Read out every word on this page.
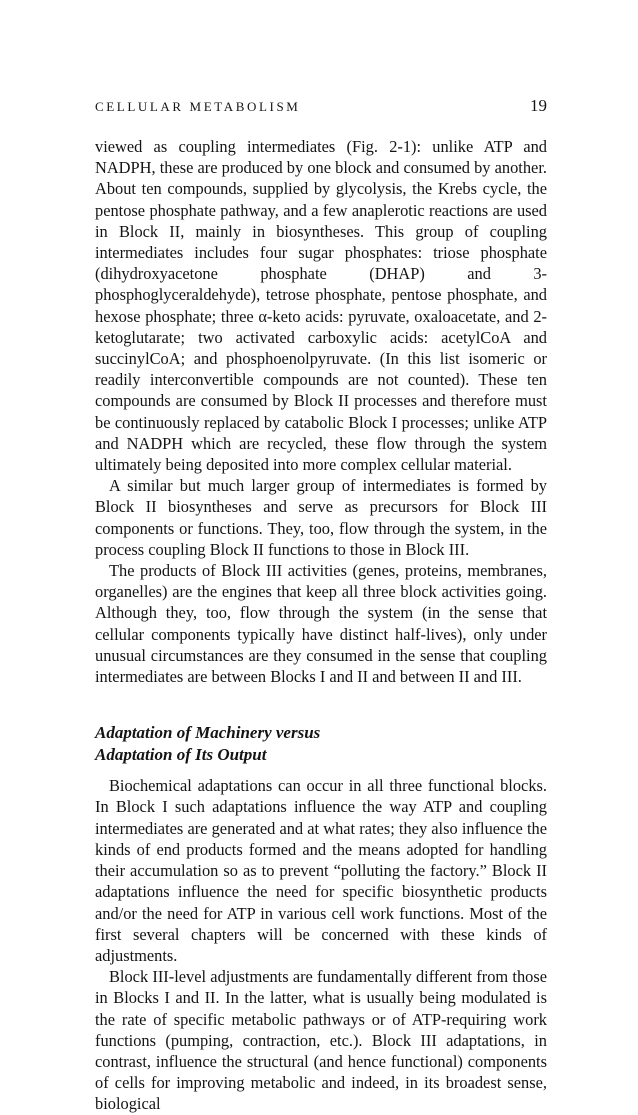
CELLULAR METABOLISM	19

viewed as coupling intermediates (Fig. 2-1): unlike ATP and NADPH, these are produced by one block and consumed by another. About ten compounds, supplied by glycolysis, the Krebs cycle, the pentose phosphate pathway, and a few anaplerotic reactions are used in Block II, mainly in biosyntheses. This group of coupling intermediates includes four sugar phosphates: triose phosphate (dihydroxyacetone phosphate (DHAP) and 3-phosphoglyceraldehyde), tetrose phosphate, pentose phosphate, and hexose phosphate; three α-keto acids: pyruvate, oxaloacetate, and 2-ketoglutarate; two activated carboxylic acids: acetylCoA and succinylCoA; and phosphoenolpyruvate. (In this list isomeric or readily interconvertible compounds are not counted). These ten compounds are consumed by Block II processes and therefore must be continuously replaced by catabolic Block I processes; unlike ATP and NADPH which are recycled, these flow through the system ultimately being deposited into more complex cellular material.

A similar but much larger group of intermediates is formed by Block II biosyntheses and serve as precursors for Block III components or functions. They, too, flow through the system, in the process coupling Block II functions to those in Block III.

The products of Block III activities (genes, proteins, membranes, organelles) are the engines that keep all three block activities going. Although they, too, flow through the system (in the sense that cellular components typically have distinct half-lives), only under unusual circumstances are they consumed in the sense that coupling intermediates are between Blocks I and II and between II and III.

Adaptation of Machinery versus
Adaptation of Its Output

Biochemical adaptations can occur in all three functional blocks. In Block I such adaptations influence the way ATP and coupling intermediates are generated and at what rates; they also influence the kinds of end products formed and the means adopted for handling their accumulation so as to prevent “polluting the factory.” Block II adaptations influence the need for specific biosynthetic products and/or the need for ATP in various cell work functions. Most of the first several chapters will be concerned with these kinds of adjustments.

Block III-level adjustments are fundamentally different from those in Blocks I and II. In the latter, what is usually being modulated is the rate of specific metabolic pathways or of ATP-requiring work functions (pumping, contraction, etc.). Block III adaptations, in contrast, influence the structural (and hence functional) components of cells for improving metabolic and indeed, in its broadest sense, biological
